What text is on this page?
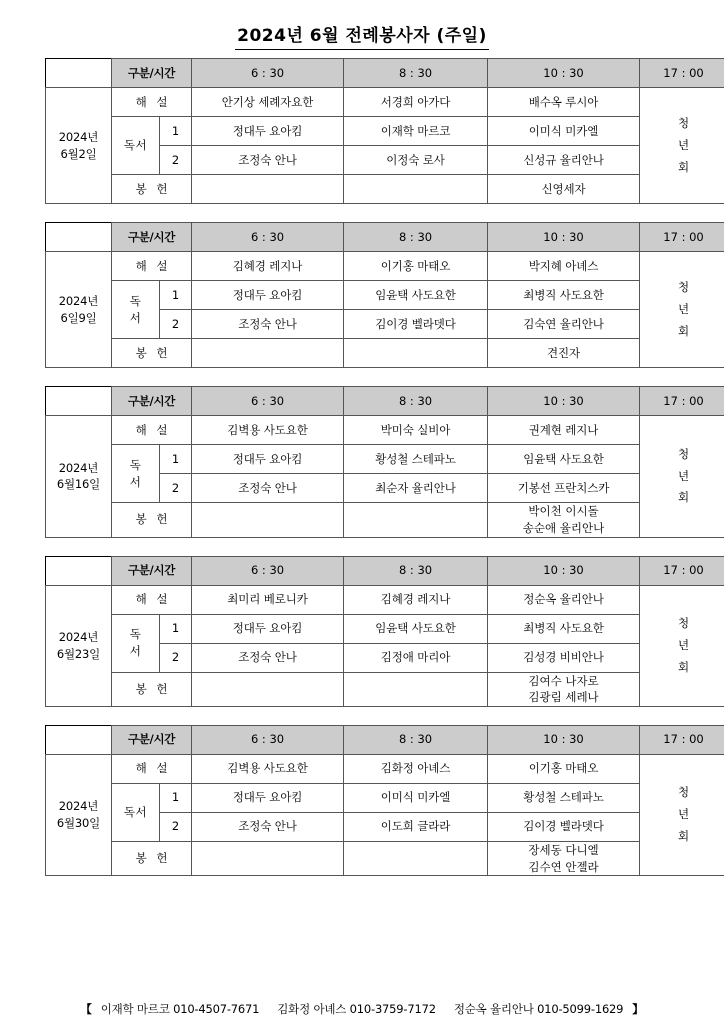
2024년 6월 전례봉사자 (주일)
	구분/시간		6 : 30	8 : 30	10 : 30	17 : 00

2024년
6월2일	해 설		안기상 세례자요한	서경희 아가다	배수옥 루시아	청
년
회

	독서	1	정대두 요아킴	이재학 마르코	이미식 미카엘	
		2	조정숙 안나	이정숙 로사	신성규 율리안나	
	봉 헌				신영세자	
	구분/시간		6 : 30	8 : 30	10 : 30	17 : 00

2024년
6일9일	해 설		김혜경 레지나	이기홍 마태오	박지혜 아녜스	청
년
회

	독
서	1	정대두 요아킴	임윤택 사도요한	최병직 사도요한	
		2	조정숙 안나	김이경 벨라뎃다	김숙연 율리안나	
	봉 헌				견진자	
	구분/시간		6 : 30	8 : 30	10 : 30	17 : 00

2024년
6월16일	해 설		김벽용 사도요한	박미숙 실비아	권계현 레지나	청
년
회

	독
서	1	정대두 요아킴	황성철 스테파노	임윤택 사도요한	
		2	조정숙 안나	최순자 율리안나	기봉선 프란치스카	
	봉 헌				박이천 이시돌
송순애 율리안나	
	구분/시간		6 : 30	8 : 30	10 : 30	17 : 00

2024년
6월23일	해 설		최미리 베로니카	김혜경 레지나	정순옥 율리안나	청
년
회

	독
서	1	정대두 요아킴	임윤택 사도요한	최병직 사도요한	
		2	조정숙 안나	김정애 마리아	김성경 비비안나	
	봉 헌				김여수 나자로
김광림 세레나	
	구분/시간		6 : 30	8 : 30	10 : 30	17 : 00

2024년
6월30일	해 설		김벽용 사도요한	김화정 아녜스	이기홍 마태오	청
년
회

	독서	1	정대두 요아킴	이미식 미카엘	황성철 스테파노	
		2	조정숙 안나	이도희 글라라	김이경 벨라뎃다	
	봉 헌				장세동 다니엘
김수연 안젤라	
【 이재학 마르코 010-4507-7671 김화정 아녜스 010-3759-7172 정순옥 율리안나 010-5099-1629 】
